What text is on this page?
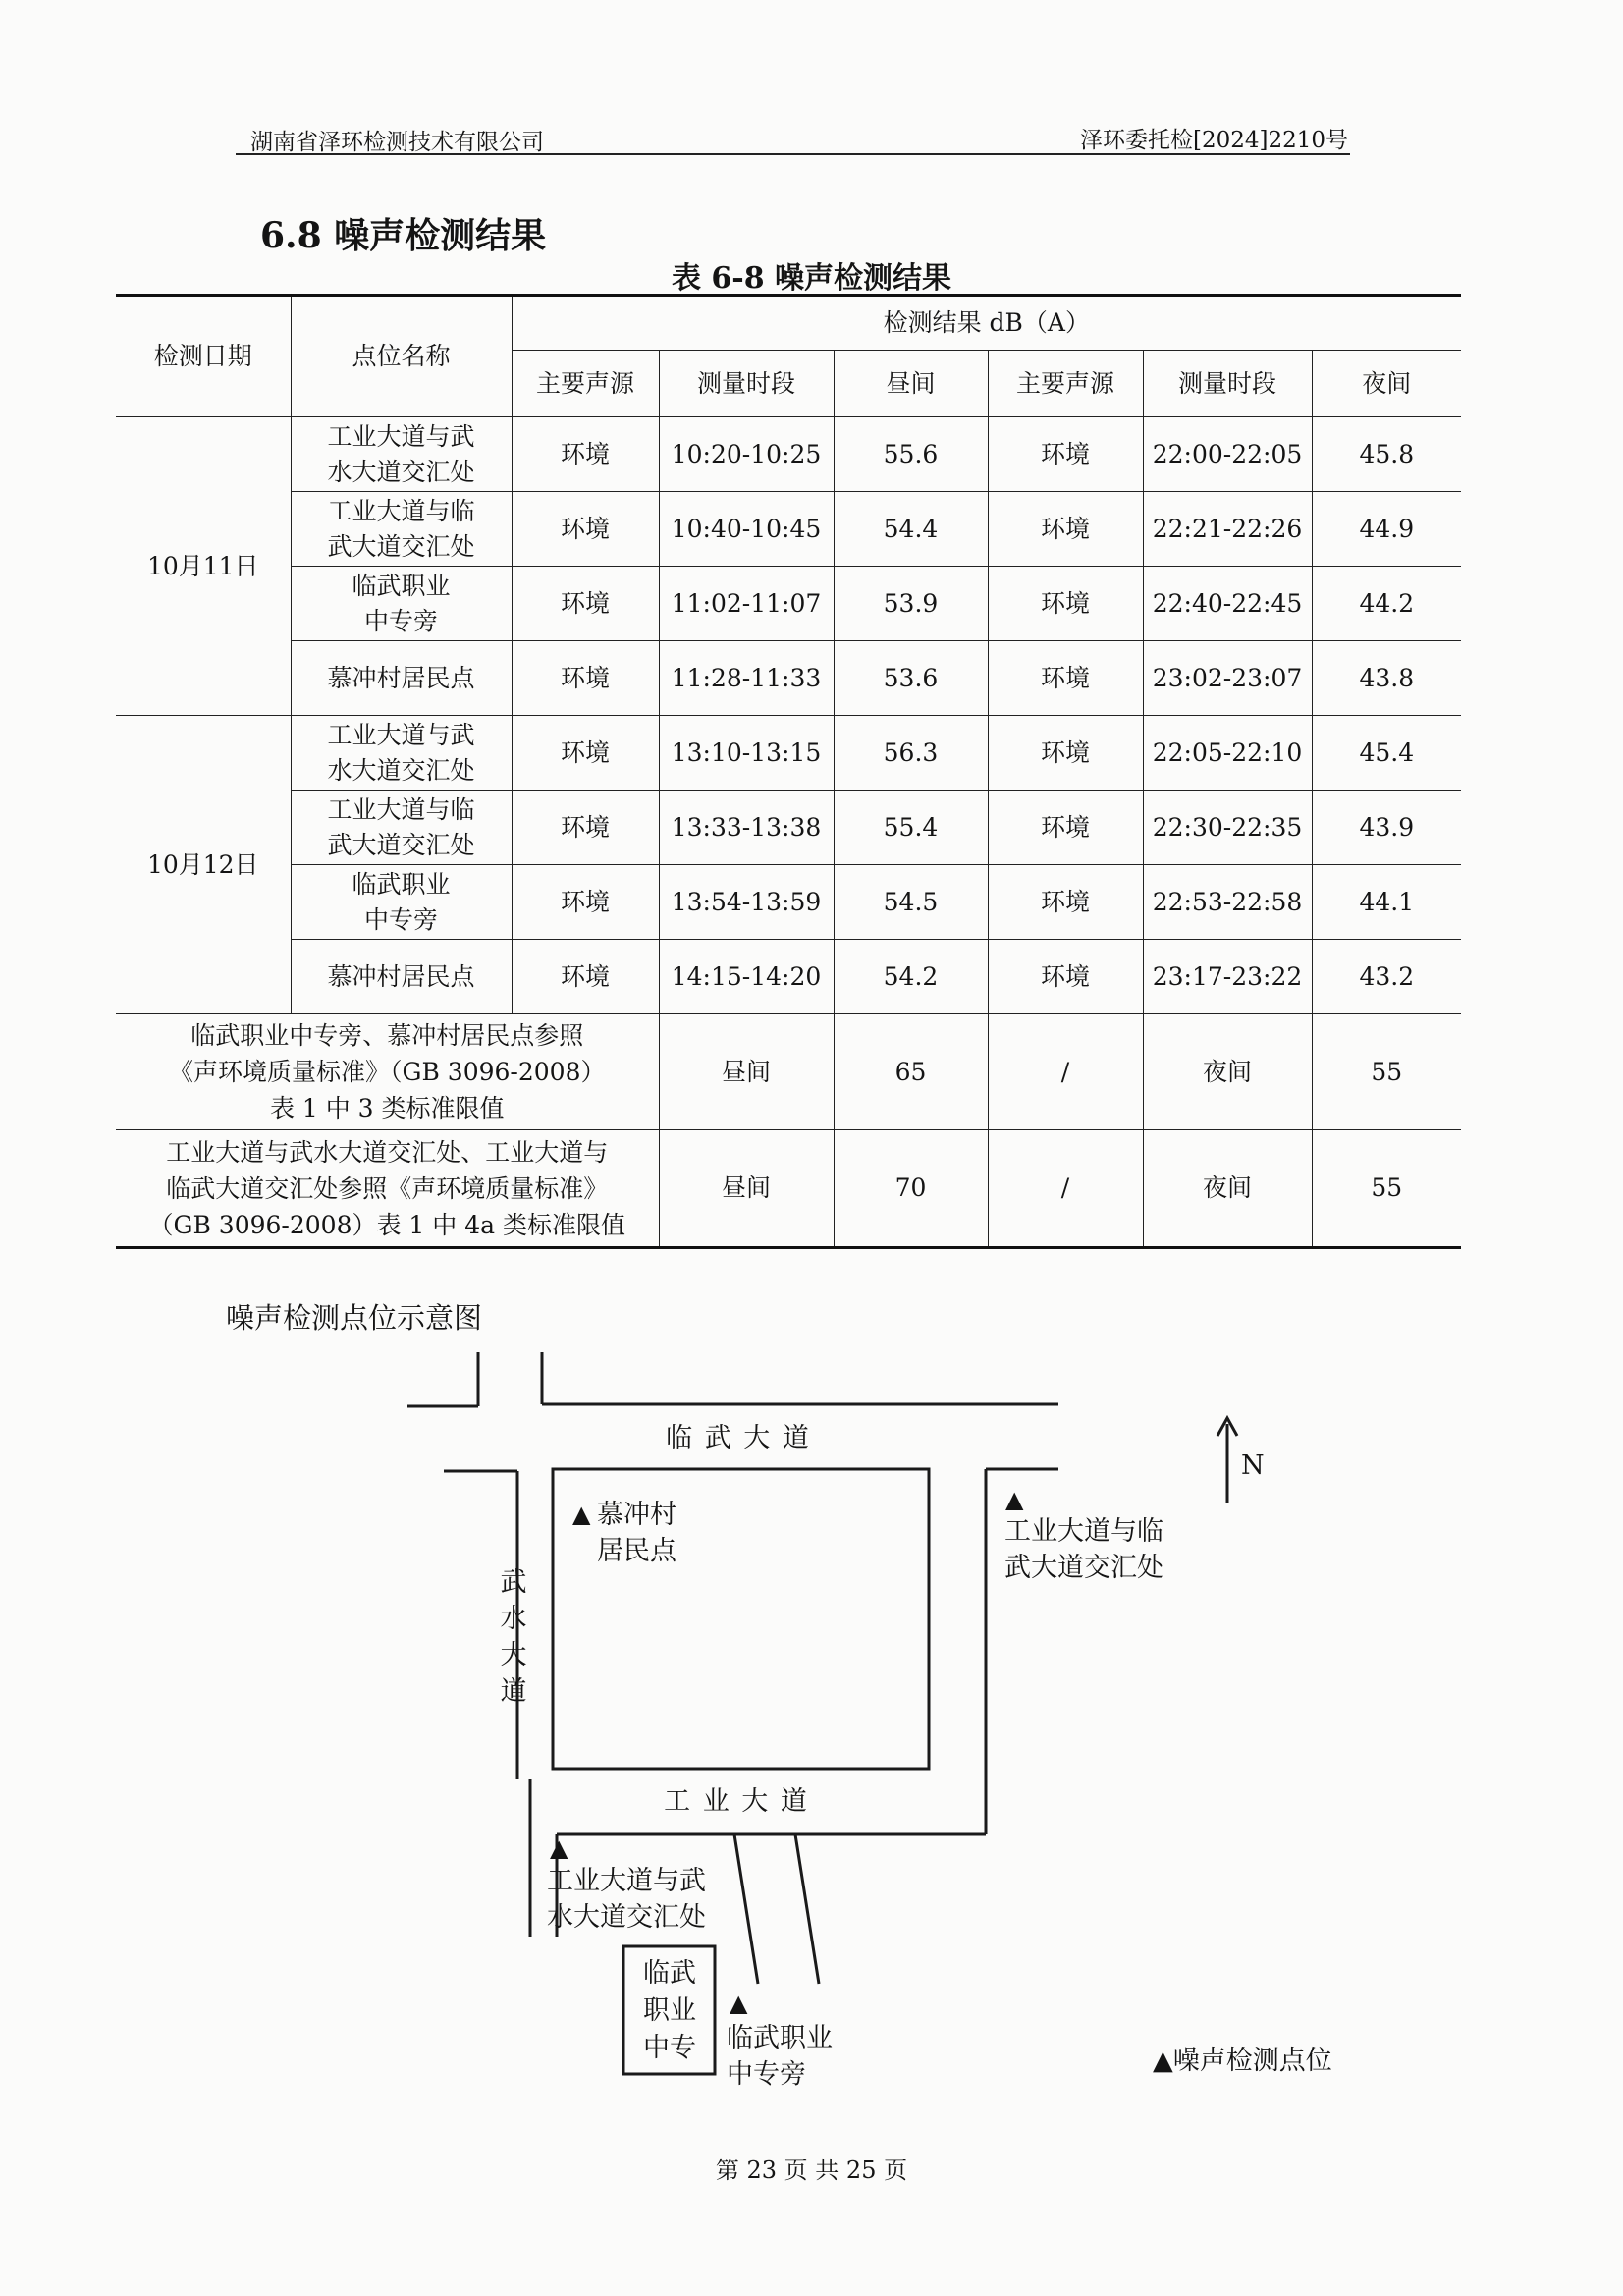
湖南省泽环检测技术有限公司	泽环委托检[2024]2210号
6.8 噪声检测结果
表 6-8 噪声检测结果
检测日期	点位名称	检测结果 dB（A）					
		主要声源	测量时段	昼间	主要声源	测量时段	夜间
10月11日	工业大道与武
水大道交汇处	环境	10:20-10:25	55.6	环境	22:00-22:05	45.8
	工业大道与临
武大道交汇处	环境	10:40-10:45	54.4	环境	22:21-22:26	44.9
	临武职业
中专旁	环境	11:02-11:07	53.9	环境	22:40-22:45	44.2
	慕冲村居民点	环境	11:28-11:33	53.6	环境	23:02-23:07	43.8
10月12日	工业大道与武
水大道交汇处	环境	13:10-13:15	56.3	环境	22:05-22:10	45.4
	工业大道与临
武大道交汇处	环境	13:33-13:38	55.4	环境	22:30-22:35	43.9
	临武职业
中专旁	环境	13:54-13:59	54.5	环境	22:53-22:58	44.1
	慕冲村居民点	环境	14:15-14:20	54.2	环境	23:17-23:22	43.2
临武职业中专旁、慕冲村居民点参照
《声环境质量标准》（GB 3096-2008）
表 1 中 3 类标准限值			昼间	65	/	夜间	55
工业大道与武水大道交汇处、工业大道与
临武大道交汇处参照《声环境质量标准》
（GB 3096-2008）表 1 中 4a 类标准限值			昼间	70	/	夜间	55
噪声检测点位示意图
临 武 大 道
工 业 大 道
武水大道
N
▲ 慕冲村居民点
▲
工业大道与临武大道交汇处
▲
工业大道与武水大道交汇处
临武职业中专
▲
临武职业中专旁	▲噪声检测点位
第 23 页 共 25 页
